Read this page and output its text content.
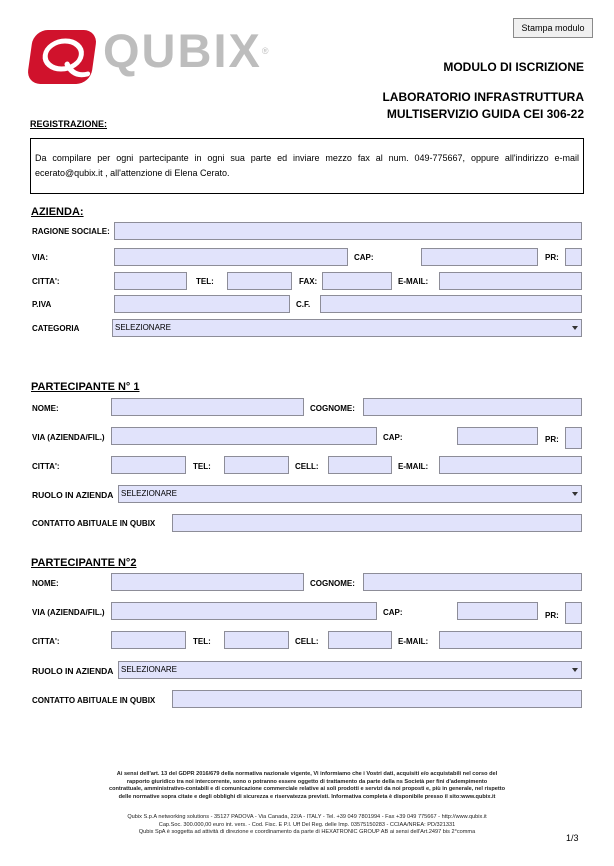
Stampa modulo
QUBIX®
MODULO DI ISCRIZIONE
LABORATORIO INFRASTRUTTURA
MULTISERVIZIO GUIDA CEI 306-22
REGISTRAZIONE:
Da compilare per ogni partecipante in ogni sua parte ed inviare mezzo fax al num. 049-775667, oppure all'indirizzo e-mail ecerato@qubix.it , all'attenzione di Elena Cerato.
AZIENDA:
RAGIONE SOCIALE:
VIA:	CAP:	PR:
CITTA':	TEL:	FAX:	E-MAIL:
P.IVA	C.F.
CATEGORIA	SELEZIONARE
PARTECIPANTE N° 1
NOME:	COGNOME:
VIA (AZIENDA/FIL.)	CAP:	PR:
CITTA':	TEL:	CELL:	E-MAIL:
RUOLO IN AZIENDA SELEZIONARE
CONTATTO ABITUALE IN QUBIX
PARTECIPANTE N°2
NOME:	COGNOME:
VIA (AZIENDA/FIL.)	CAP:	PR:
CITTA':	TEL:	CELL:	E-MAIL:
RUOLO IN AZIENDA SELEZIONARE
CONTATTO ABITUALE IN QUBIX
Ai sensi dell'art. 13 del GDPR 2016/679 della normativa nazionale vigente, Vi informiamo che i Vostri dati, acquisiti e/o acquistabili nel corso del
rapporto giuridico tra noi intercorrente, sono o potranno essere oggetto di trattamento da parte della ns Società per fini d'adempimento
contrattuale, amministrativo-contabili e di comunicazione commerciale relative ai soli prodotti e servizi da noi proposti e, più in generale, nel rispetto
delle normative sopra citate e degli obblighi di sicurezza e riservatezza previsti. Informativa completa è disponibile presso il sito:www.qubix.it
Qubix S.p.A networking solutions - 35127 PADOVA - Via Canada, 22/A - ITALY - Tel. +39 049 7801994 - Fax +39 049 775667 - http://www.qubix.it
Cap.Soc. 300.000,00 euro int. vers. - Cod. Fisc. E P.I. Uff Del Reg. delle Imp. 03575150283 - CCIAA/NREA: PD/321331
Qubix SpA è soggetta ad attività di direzione e coordinamento da parte di HEXATRONIC GROUP AB ai sensi dell'Art.2497 bis 2°comma
1/3
